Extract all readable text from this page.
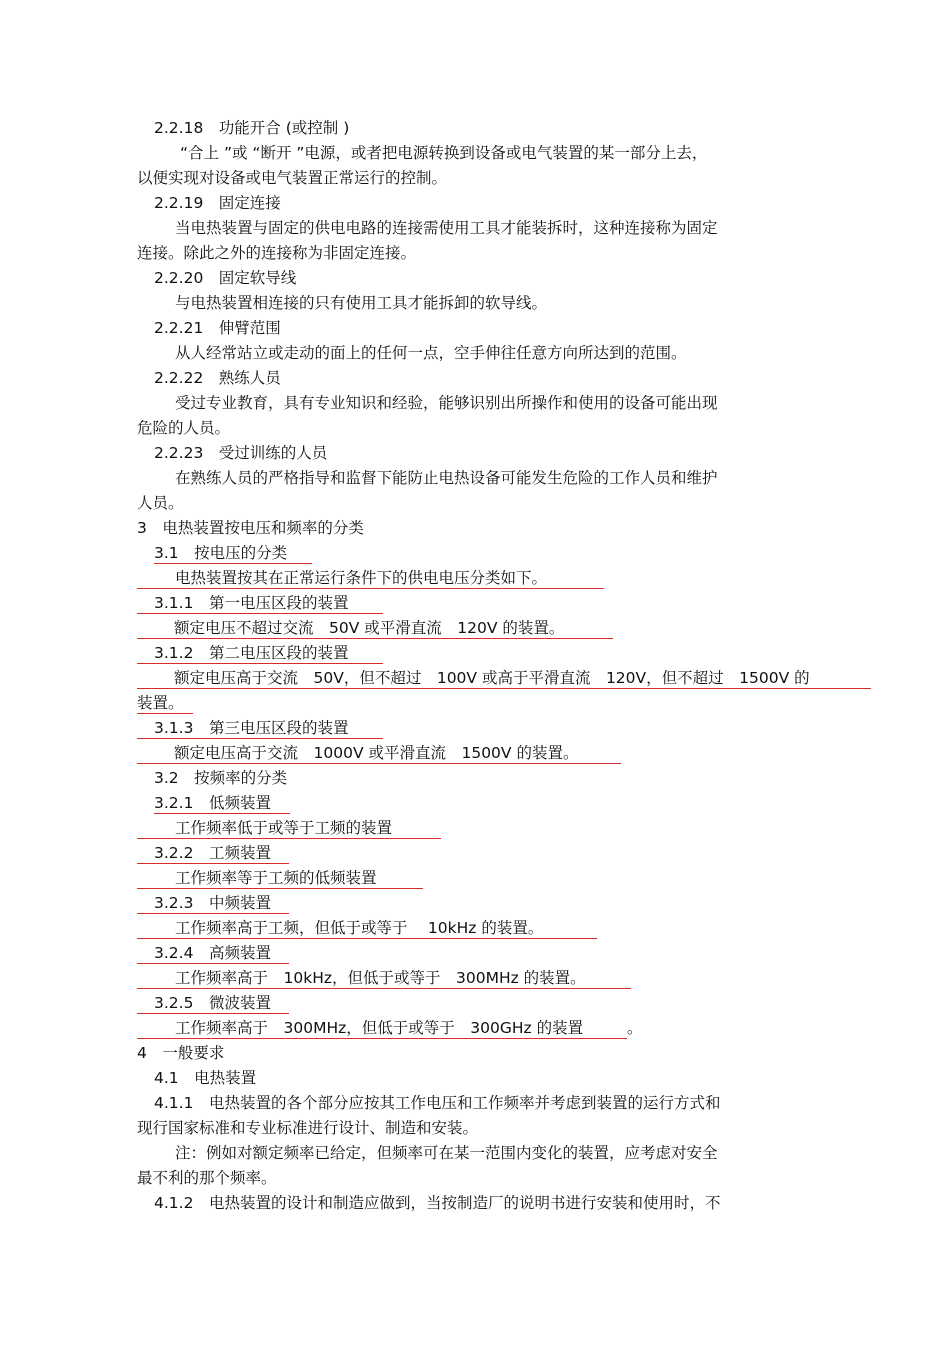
2.2.18　功能开合 (或控制 )
“合上 ”或 “断开 ”电源，或者把电源转换到设备或电气装置的某一部分上去，
以便实现对设备或电气装置正常运行的控制。
2.2.19　固定连接
当电热装置与固定的供电电路的连接需使用工具才能装拆时，这种连接称为固定
连接。除此之外的连接称为非固定连接。
2.2.20　固定软导线
与电热装置相连接的只有使用工具才能拆卸的软导线。
2.2.21　伸臂范围
从人经常站立或走动的面上的任何一点，空手伸往任意方向所达到的范围。
2.2.22　熟练人员
受过专业教育，具有专业知识和经验，能够识别出所操作和使用的设备可能出现
危险的人员。
2.2.23　受过训练的人员
在熟练人员的严格指导和监督下能防止电热设备可能发生危险的工作人员和维护
人员。
3　电热装置按电压和频率的分类
3.1　按电压的分类
电热装置按其在正常运行条件下的供电电压分类如下。
3.1.1　第一电压区段的装置
额定电压不超过交流　50V 或平滑直流　120V 的装置。
3.1.2　第二电压区段的装置
额定电压高于交流　50V，但不超过　100V 或高于平滑直流　120V，但不超过　1500V 的
装置。
3.1.3　第三电压区段的装置
额定电压高于交流　1000V 或平滑直流　1500V 的装置。
3.2　按频率的分类
3.2.1　低频装置
工作频率低于或等于工频的装置
3.2.2　工频装置
工作频率等于工频的低频装置
3.2.3　中频装置
工作频率高于工频，但低于或等于　 10kHz 的装置。
3.2.4　高频装置
工作频率高于　10kHz，但低于或等于　300MHz 的装置。
3.2.5　微波装置
工作频率高于　300MHz，但低于或等于　300GHz 的装置	。
4　一般要求
4.1　电热装置
4.1.1　电热装置的各个部分应按其工作电压和工作频率并考虑到装置的运行方式和
现行国家标准和专业标准进行设计、制造和安装。
注：例如对额定频率已给定，但频率可在某一范围内变化的装置，应考虑对安全
最不利的那个频率。
4.1.2　电热装置的设计和制造应做到，当按制造厂的说明书进行安装和使用时，不
